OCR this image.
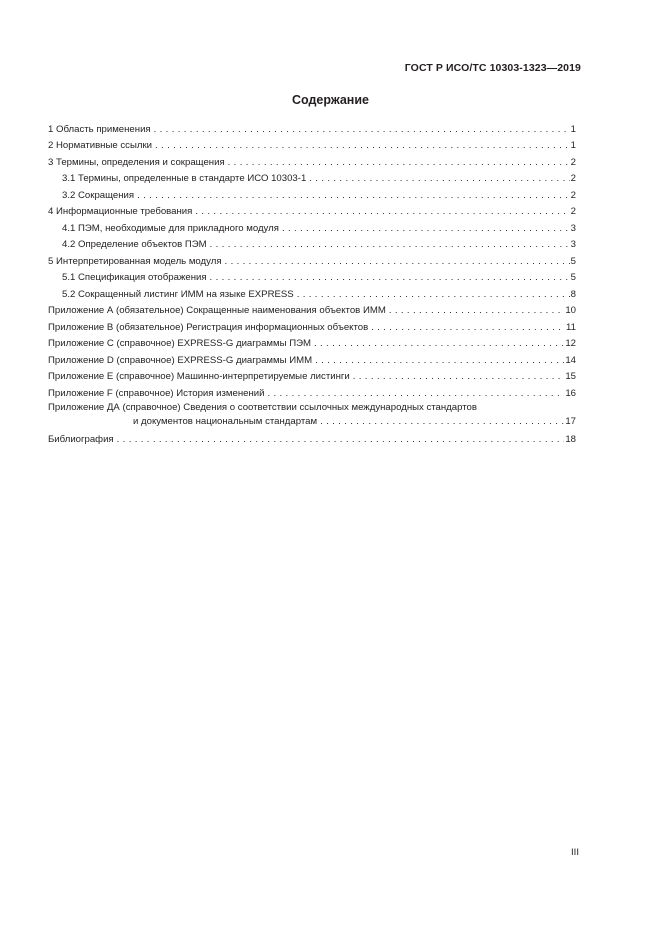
ГОСТ Р ИСО/ТС 10303-1323—2019
Содержание
1 Область применения . . .	1
2 Нормативные ссылки . . .	1
3 Термины, определения и сокращения . . .	2
3.1 Термины, определенные в стандарте ИСО 10303-1 . . .	2
3.2 Сокращения . . .	2
4 Информационные требования . . .	2
4.1 ПЭМ, необходимые для прикладного модуля . . .	3
4.2 Определение объектов ПЭМ . . .	3
5 Интерпретированная модель модуля . . .	5
5.1 Спецификация отображения . . .	5
5.2 Сокращенный листинг ИММ на языке EXPRESS . . .	8
Приложение А (обязательное) Сокращенные наименования объектов ИММ . . .	10
Приложение В (обязательное) Регистрация информационных объектов . . .	11
Приложение С (справочное) EXPRESS-G диаграммы ПЭМ . . .	12
Приложение D (справочное) EXPRESS-G диаграммы ИММ . . .	14
Приложение Е (справочное) Машинно-интерпретируемые листинги . . .	15
Приложение F (справочное) История изменений . . .	16
Приложение ДА (справочное) Сведения о соответствии ссылочных международных стандартов
и документов национальным стандартам . . .	17
Библиография . . .	18
III
